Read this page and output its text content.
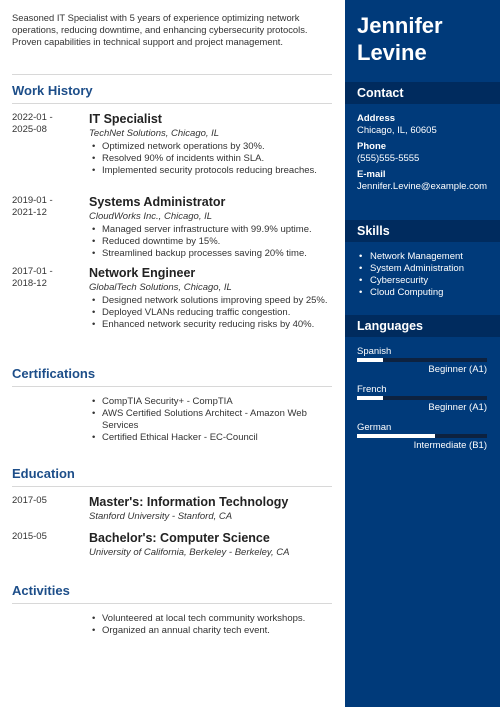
Seasoned IT Specialist with 5 years of experience optimizing network operations, reducing downtime, and enhancing cybersecurity protocols. Proven capabilities in technical support and project management.
Work History
2022-01 -
2025-08
IT Specialist
TechNet Solutions, Chicago, IL
• Optimized network operations by 30%.
• Resolved 90% of incidents within SLA.
• Implemented security protocols reducing breaches.
2019-01 -
2021-12
Systems Administrator
CloudWorks Inc., Chicago, IL
• Managed server infrastructure with 99.9% uptime.
• Reduced downtime by 15%.
• Streamlined backup processes saving 20% time.
2017-01 -
2018-12
Network Engineer
GlobalTech Solutions, Chicago, IL
• Designed network solutions improving speed by 25%.
• Deployed VLANs reducing traffic congestion.
• Enhanced network security reducing risks by 40%.
Certifications
• CompTIA Security+ - CompTIA
• AWS Certified Solutions Architect - Amazon Web Services
• Certified Ethical Hacker - EC-Council
Education
2017-05	Master's: Information Technology
Stanford University - Stanford, CA
2015-05	Bachelor's: Computer Science
University of California, Berkeley - Berkeley, CA
Activities
• Volunteered at local tech community workshops.
• Organized an annual charity tech event.
Jennifer
Levine
Contact
Address
Chicago, IL, 60605
Phone
(555)555-5555
E-mail
Jennifer.Levine@example.com
• Network Management
• System Administration
• Cybersecurity
• Cloud Computing
Spanish
Beginner (A1)
French
Beginner (A1)
German
Intermediate (B1)
Skills
Languages
